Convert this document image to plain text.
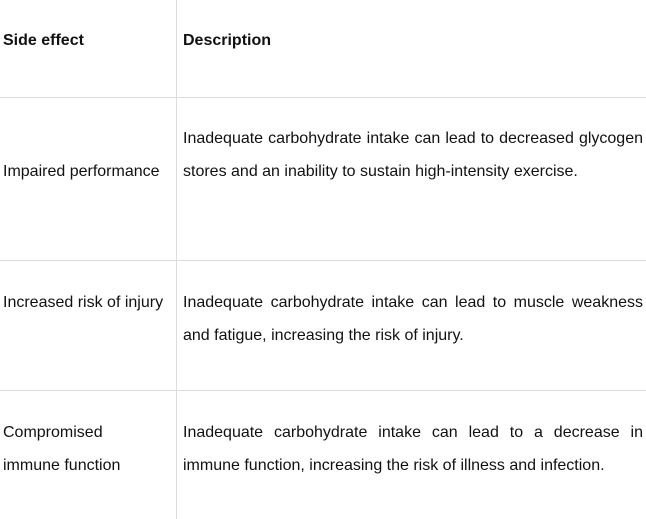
Side effect	Description
Impaired performance
Inadequate carbohydrate intake can lead to decreased glycogen stores and an inability to sustain high-intensity exercise.
Increased risk of injury	Inadequate carbohydrate intake can lead to muscle weakness and fatigue, increasing the risk of injury.
Compromised immune function
Inadequate carbohydrate intake can lead to a decrease in immune function, increasing the risk of illness and infection.
